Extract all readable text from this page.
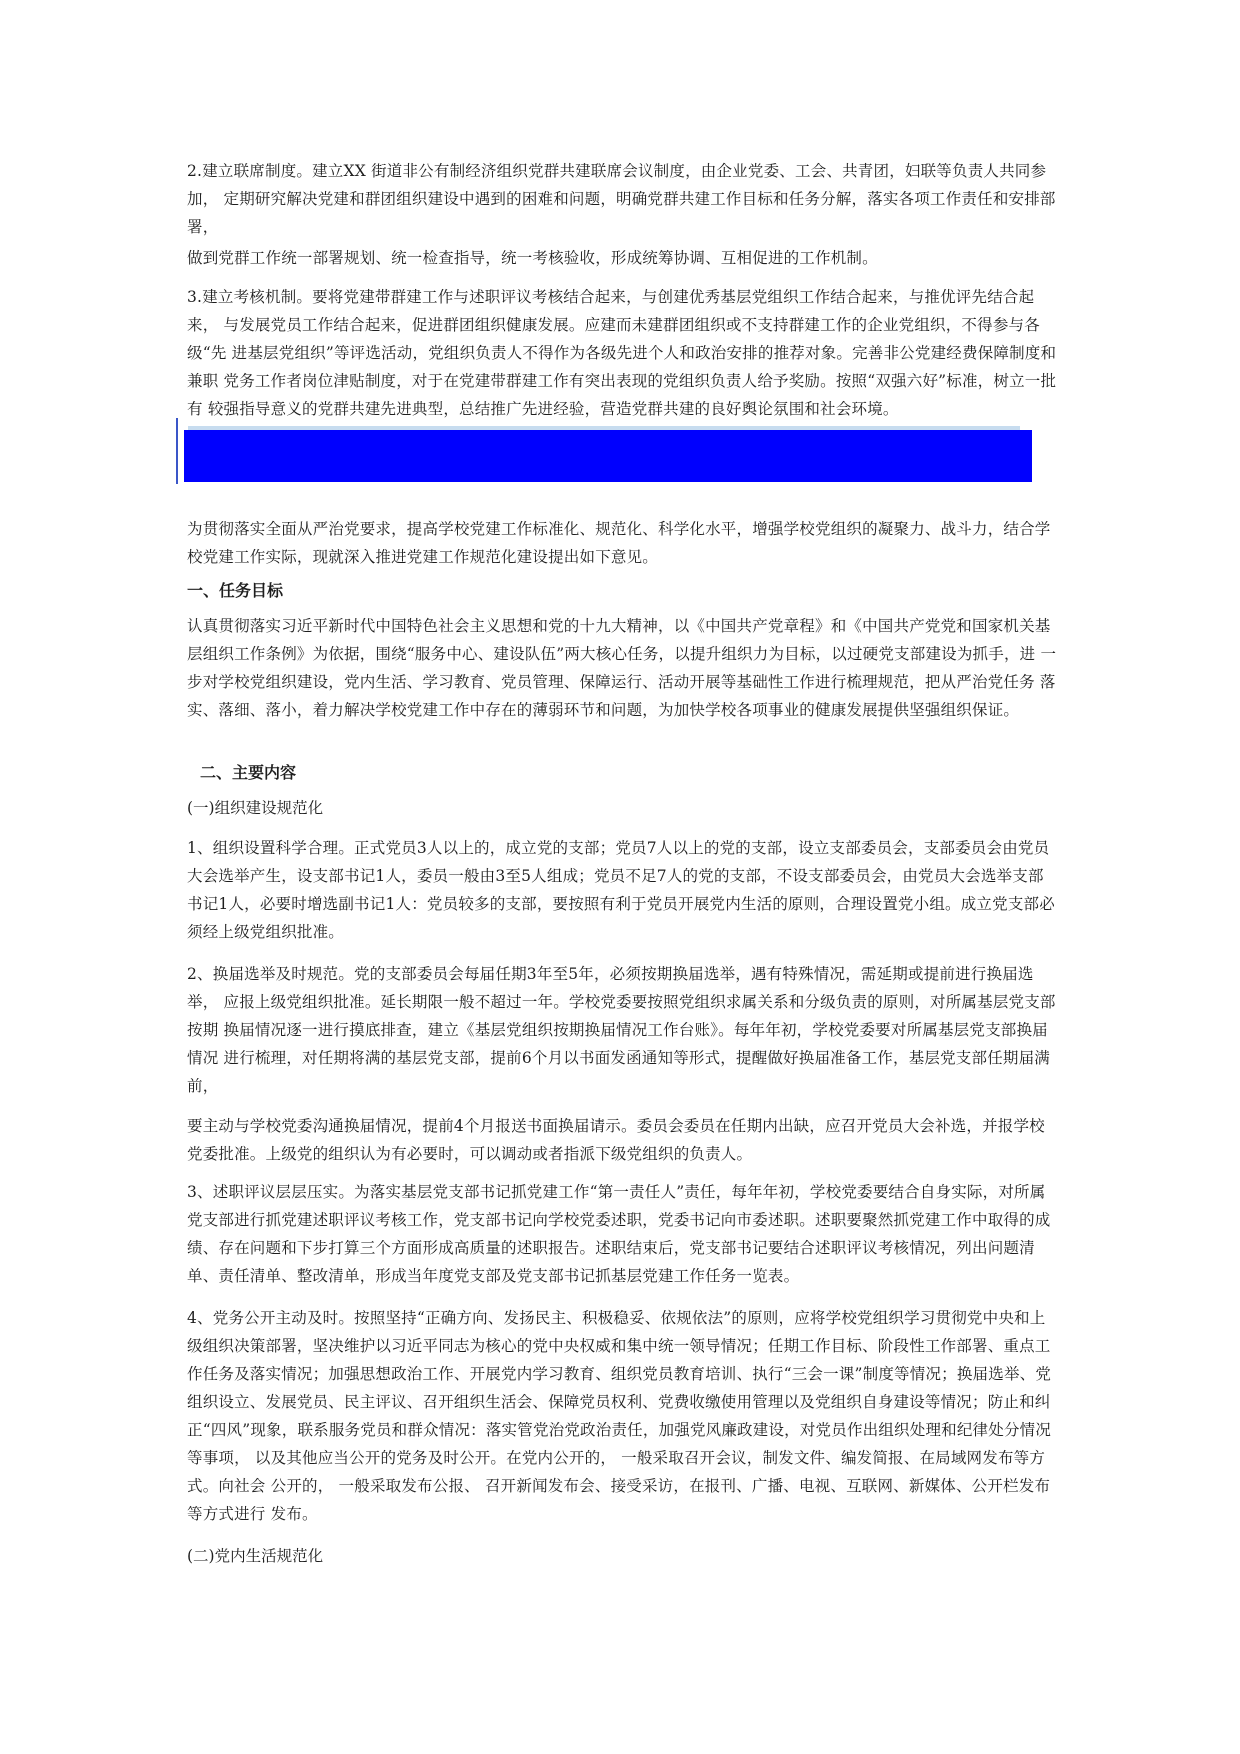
2.建立联席制度。建立XX 街道非公有制经济组织党群共建联席会议制度，由企业党委、工会、共青团，妇联等负责人共同参加， 定期研究解决党建和群团组织建设中遇到的困难和问题，明确党群共建工作目标和任务分解，落实各项工作责任和安排部署，

做到党群工作统一部署规划、统一检查指导，统一考核验收，形成统筹协调、互相促进的工作机制。

3.建立考核机制。要将党建带群建工作与述职评议考核结合起来，与创建优秀基层党组织工作结合起来，与推优评先结合起来， 与发展党员工作结合起来，促进群团组织健康发展。应建而未建群团组织或不支持群建工作的企业党组织，不得参与各级“先 进基层党组织”等评选活动，党组织负责人不得作为各级先进个人和政治安排的推荐对象。完善非公党建经费保障制度和兼职 党务工作者岗位津贴制度，对于在党建带群建工作有突出表现的党组织负责人给予奖励。按照“双强六好”标准，树立一批有 较强指导意义的党群共建先进典型，总结推广先进经验，营造党群共建的良好舆论氛围和社会环境。

为贯彻落实全面从严治党要求，提高学校党建工作标准化、规范化、科学化水平，增强学校党组织的凝聚力、战斗力，结合学校党建工作实际，现就深入推进党建工作规范化建设提出如下意见。

一、任务目标

认真贯彻落实习近平新时代中国特色社会主义思想和党的十九大精神，以《中国共产党章程》和《中国共产党党和国家机关基 层组织工作条例》为依据，围绕“服务中心、建设队伍”两大核心任务，以提升组织力为目标，以过硬党支部建设为抓手，进 一步对学校党组织建设，党内生活、学习教育、党员管理、保障运行、活动开展等基础性工作进行梳理规范，把从严治党任务 落实、落细、落小，着力解决学校党建工作中存在的薄弱环节和问题，为加快学校各项事业的健康发展提供坚强组织保证。

二、主要内容

(一)组织建设规范化

1、组织设置科学合理。正式党员3人以上的，成立党的支部；党员7人以上的党的支部，设立支部委员会，支部委员会由党员 大会选举产生，设支部书记1人，委员一般由3至5人组成；党员不足7人的党的支部，不设支部委员会，由党员大会选举支部 书记1人，必要时增选副书记1人：党员较多的支部，要按照有利于党员开展党内生活的原则，合理设置党小组。成立党支部必 须经上级党组织批准。

2、换届选举及时规范。党的支部委员会每届任期3年至5年，必须按期换届选举，遇有特殊情况，需延期或提前进行换届选举， 应报上级党组织批准。延长期限一般不超过一年。学校党委要按照党组织求属关系和分级负责的原则，对所属基层党支部按期 换届情况逐一进行摸底排查，建立《基层党组织按期换届情况工作台账》。每年年初，学校党委要对所属基层党支部换届情况 进行梳理，对任期将满的基层党支部，提前6个月以书面发函通知等形式，提醒做好换届准备工作，基层党支部任期届满前，

要主动与学校党委沟通换届情况，提前4个月报送书面换届请示。委员会委员在任期内出缺，应召开党员大会补选，并报学校 党委批准。上级党的组织认为有必要时，可以调动或者指派下级党组织的负责人。

3、述职评议层层压实。为落实基层党支部书记抓党建工作“第一责任人”责任，每年年初，学校党委要结合自身实际，对所属党支部进行抓党建述职评议考核工作，党支部书记向学校党委述职，党委书记向市委述职。述职要聚然抓党建工作中取得的成绩、存在问题和下步打算三个方面形成高质量的述职报告。述职结束后，党支部书记要结合述职评议考核情况，列出问题清单、责任清单、整改清单，形成当年度党支部及党支部书记抓基层党建工作任务一览表。

4、党务公开主动及时。按照坚持“正确方向、发扬民主、积极稳妥、依规依法”的原则，应将学校党组织学习贯彻党中央和上级组织决策部署，坚决维护以习近平同志为核心的党中央权威和集中统一领导情况；任期工作目标、阶段性工作部署、重点工作任务及落实情况；加强思想政治工作、开展党内学习教育、组织党员教育培训、执行“三会一课”制度等情况；换届选举、党组织设立、发展党员、民主评议、召开组织生活会、保障党员权利、党费收缴使用管理以及党组织自身建设等情况；防止和纠正“四风”现象，联系服务党员和群众情况：落实管党治党政治责任，加强党风廉政建设，对党员作出组织处理和纪律处分情况等事项， 以及其他应当公开的党务及时公开。在党内公开的， 一般采取召开会议，制发文件、编发简报、在局域网发布等方式。向社会 公开的， 一般采取发布公报、 召开新闻发布会、接受采访，在报刊、广播、电视、互联网、新媒体、公开栏发布等方式进行 发布。

(二)党内生活规范化
